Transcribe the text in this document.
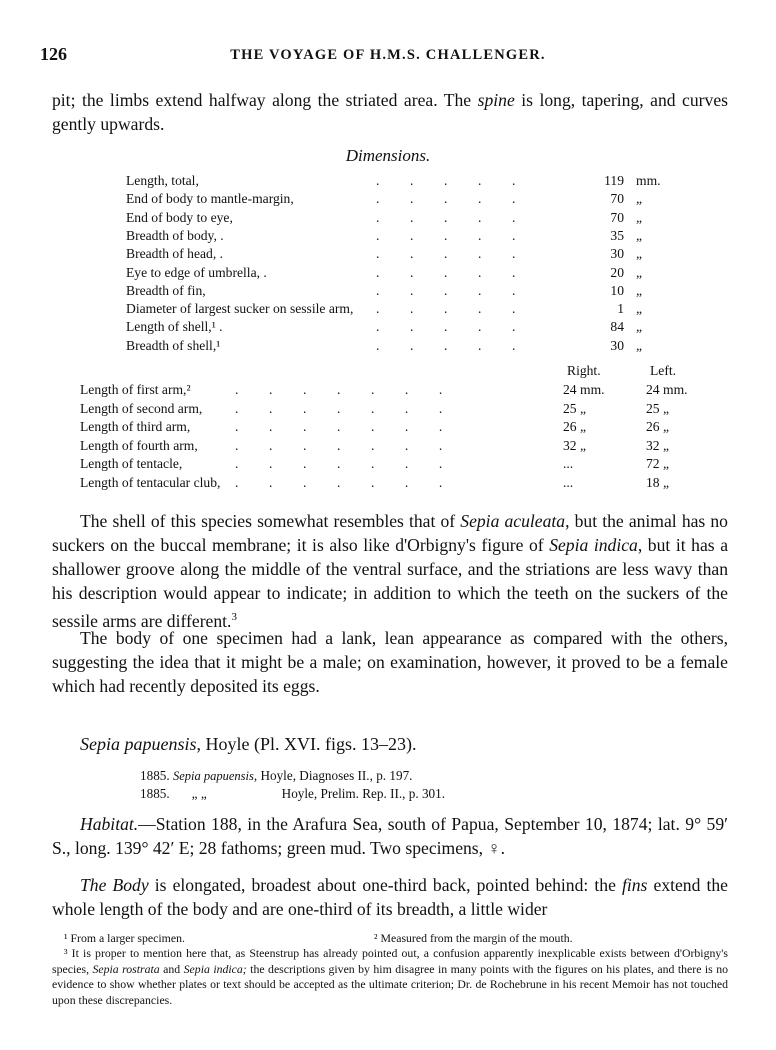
126	THE VOYAGE OF H.M.S. CHALLENGER.
pit; the limbs extend halfway along the striated area. The spine is long, tapering, and curves gently upwards.
Dimensions.
Length, total,	.         .         .         .         .	119 mm.
End of body to mantle-margin,	.         .         .         .         .	70 „
End of body to eye,	.         .         .         .         .	70 „
Breadth of body, .	.         .         .         .         .	35 „
Breadth of head, .	.         .         .         .         .	30 „
Eye to edge of umbrella, .	.         .         .         .         .	20 „
Breadth of fin,	.         .         .         .         .	10 „
Diameter of largest sucker on sessile arm, .         .         .         .         .	1 „
Length of shell,¹ .	.         .         .         .         .	84 „
Breadth of shell,¹	.         .         .         .         .	30 „
Right.	Left.
Length of first arm,²	.         .         .         .         .         .         .	24 mm.	24 mm.
Length of second arm, .         .         .         .         .         .         .	25 „	25 „
Length of third arm,	.         .         .         .         .         .         .	26 „	26 „
Length of fourth arm,	.         .         .         .         .         .         .	32 „	32 „
Length of tentacle,	.         .         .         .         .         .         .	...	72 „
Length of tentacular club, .         .         .         .         .         .         .	...	18 „
The shell of this species somewhat resembles that of Sepia aculeata, but the animal has no suckers on the buccal membrane; it is also like d'Orbigny's figure of Sepia indica, but it has a shallower groove along the middle of the ventral surface, and the striations are less wavy than his description would appear to indicate; in addition to which the teeth on the suckers of the sessile arms are different.$^3$
The body of one specimen had a lank, lean appearance as compared with the others, suggesting the idea that it might be a male; on examination, however, it proved to be a female which had recently deposited its eggs.
Sepia papuensis, Hoyle (Pl. XVI. figs. 13–23).
1885. Sepia papuensis, Hoyle, Diagnoses II., p. 197.
1885. „ „	Hoyle, Prelim. Rep. II., p. 301.
Habitat.—Station 188, in the Arafura Sea, south of Papua, September 10, 1874; lat. 9° 59′ S., long. 139° 42′ E; 28 fathoms; green mud. Two specimens, ♀.
The Body is elongated, broadest about one-third back, pointed behind: the fins extend the whole length of the body and are one-third of its breadth, a little wider
¹ From a larger specimen.	² Measured from the margin of the mouth.
³ It is proper to mention here that, as Steenstrup has already pointed out, a confusion apparently inexplicable exists between d'Orbigny's species, Sepia rostrata and Sepia indica; the descriptions given by him disagree in many points with the figures on his plates, and there is no evidence to show whether plates or text should be accepted as the ultimate criterion; Dr. de Rochebrune in his recent Memoir has not touched upon these discrepancies.
